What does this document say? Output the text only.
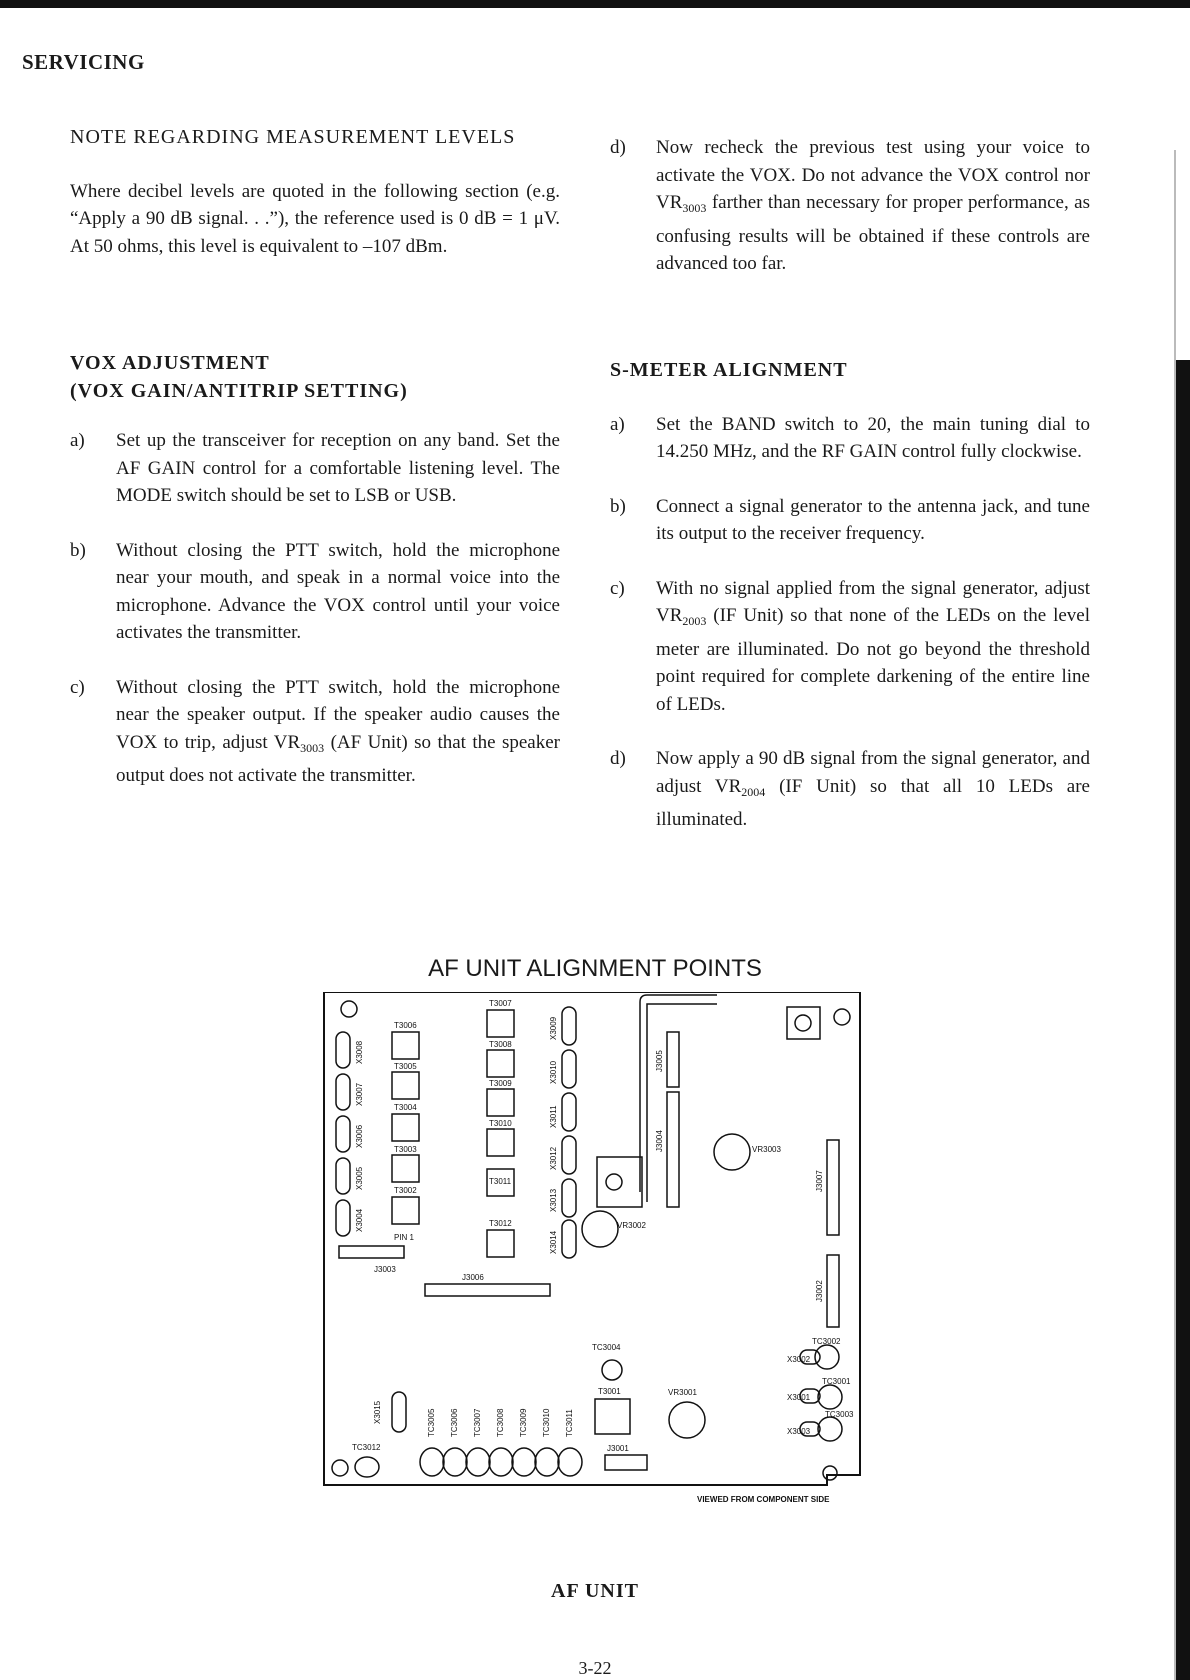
SERVICING
NOTE REGARDING MEASUREMENT LEVELS
Where decibel levels are quoted in the following section (e.g. “Apply a 90 dB signal. . .”), the reference used is 0 dB = 1 μV. At 50 ohms, this level is equivalent to –107 dBm.
VOX ADJUSTMENT
(VOX GAIN/ANTITRIP SETTING)
a)	Set up the transceiver for reception on any band. Set the AF GAIN control for a comfortable listening level. The MODE switch should be set to LSB or USB.
b)	Without closing the PTT switch, hold the microphone near your mouth, and speak in a normal voice into the microphone. Advance the VOX control until your voice activates the transmitter.
c)	Without closing the PTT switch, hold the microphone near the speaker output. If the speaker audio causes the VOX to trip, adjust $VR_{3003}$ (AF Unit) so that the speaker output does not activate the transmitter.
d)	Now recheck the previous test using your voice to activate the VOX. Do not advance the VOX control nor $VR_{3003}$ farther than necessary for proper performance, as confusing results will be obtained if these controls are advanced too far.
S-METER ALIGNMENT
a)	Set the BAND switch to 20, the main tuning dial to 14.250 MHz, and the RF GAIN control fully clockwise.
b)	Connect a signal generator to the antenna jack, and tune its output to the receiver frequency.
c)	With no signal applied from the signal generator, adjust $VR_{2003}$ (IF Unit) so that none of the LEDs on the level meter are illuminated. Do not go beyond the threshold point required for complete darkening of the entire line of LEDs.
d)	Now apply a 90 dB signal from the signal generator, and adjust $VR_{2004}$ (IF Unit) so that all 10 LEDs are illuminated.
AF UNIT ALIGNMENT POINTS
X3008
X3007
X3006
X3005
X3004
T3006
T3005
T3004
T3003
T3002
PIN 1
J3003
T3007
T3008
T3009
T3010
T3011
T3012
X3009
X3010
X3011
X3012
X3013
X3014
J3006
J3005
J3004
J3007
J3002
VR3003
VR3002
VR3001
TC3004
T3001
J3001
X3015
TC3012
TC3005 TC3006 TC3007 TC3008 TC3009 TC3010 TC3011
TC3002
X3002
TC3001
X3001
TC3003
X3003
VIEWED FROM COMPONENT SIDE
AF UNIT
3-22
